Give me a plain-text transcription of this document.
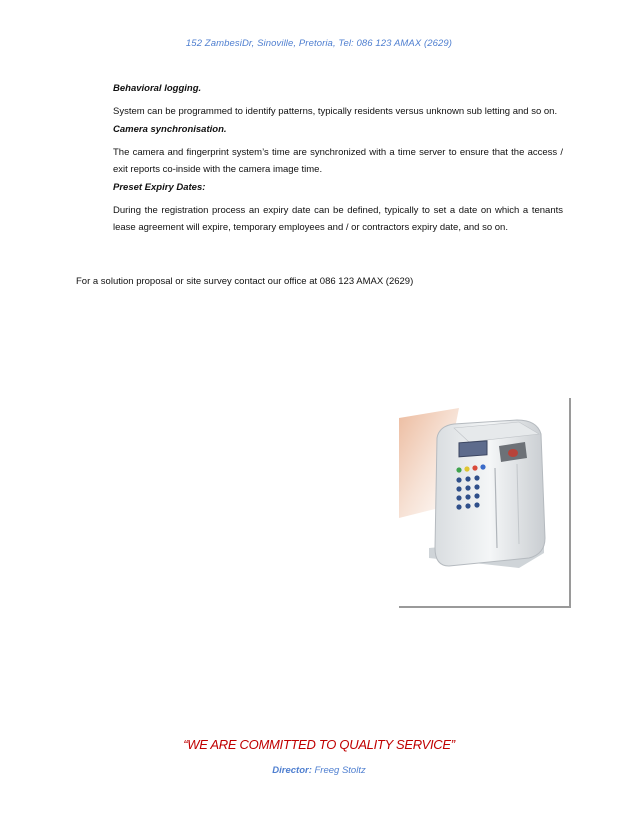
152 ZambesiDr, Sinoville, Pretoria, Tel: 086 123 AMAX (2629)
Behavioral logging.
System can be programmed to identify patterns, typically residents versus unknown sub letting and so on.
Camera synchronisation.
The camera and fingerprint system’s time are synchronized with a time server to ensure that the access / exit reports co-inside with the camera image time.
Preset Expiry Dates:
During the registration process an expiry date can be defined, typically to set a date on which a tenants lease agreement will expire, temporary employees and / or contractors expiry date, and so on.
For a solution proposal or site survey contact our office at 086 123 AMAX (2629)
“WE ARE COMMITTED TO QUALITY SERVICE”
Director: Freeg Stoltz
